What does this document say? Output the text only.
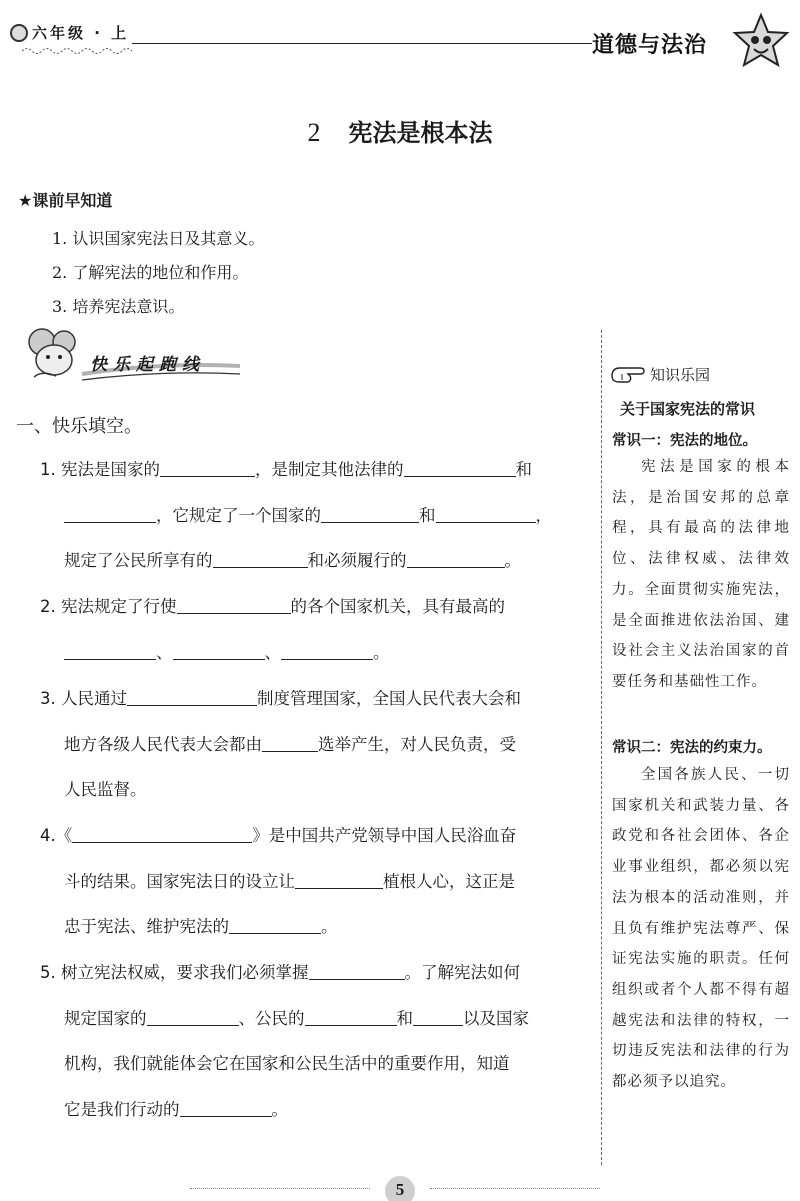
六年级 · 上	道德与法治
2 宪法是根本法
★课前早知道
1. 认识国家宪法日及其意义。
2. 了解宪法的地位和作用。
3. 培养宪法意识。
快乐起跑线
一、快乐填空。
1. 宪法是国家的	，是制定其他法律的	和
，它规定了一个国家的	和	，
规定了公民所享有的	和必须履行的	。
2. 宪法规定了行使	的各个国家机关，具有最高的
、	、	。
3. 人民通过	制度管理国家，全国人民代表大会和
地方各级人民代表大会都由	选举产生，对人民负责，受
人民监督。
4.《	》是中国共产党领导中国人民浴血奋
斗的结果。国家宪法日的设立让	植根人心，这正是
忠于宪法、维护宪法的	。
5. 树立宪法权威，要求我们必须掌握	。了解宪法如何
规定国家的	、公民的	和	以及国家
机构，我们就能体会它在国家和公民生活中的重要作用，知道
它是我们行动的	。
知识乐园
关于国家宪法的常识
常识一：宪法的地位。
宪法是国家的根本法，是治国安邦的总章程，具有最高的法律地位、法律权威、法律效力。全面贯彻实施宪法，是全面推进依法治国、建设社会主义法治国家的首要任务和基础性工作。
常识二：宪法的约束力。
全国各族人民、一切国家机关和武装力量、各政党和各社会团体、各企业事业组织，都必须以宪法为根本的活动准则，并且负有维护宪法尊严、保证宪法实施的职责。任何组织或者个人都不得有超越宪法和法律的特权，一切违反宪法和法律的行为都必须予以追究。
5
